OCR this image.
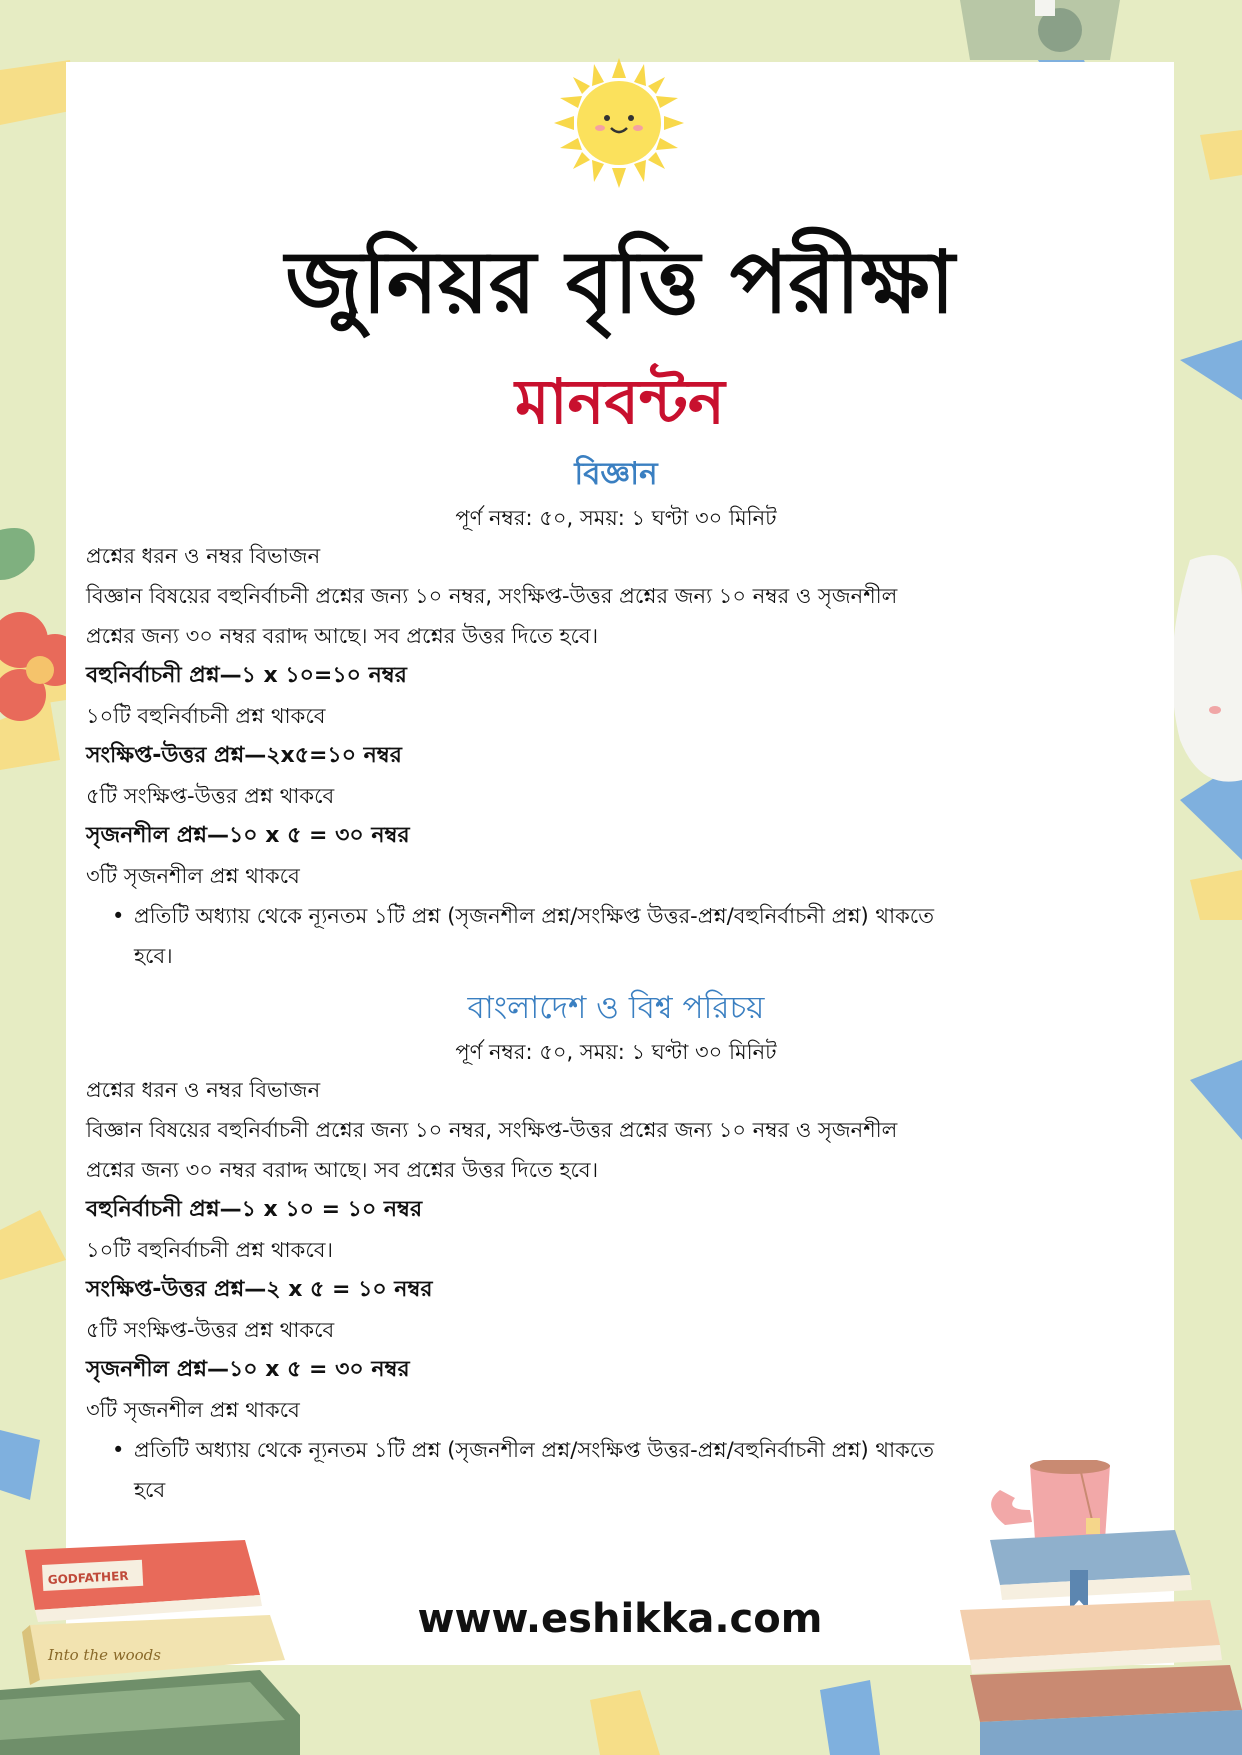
জুনিয়র বৃত্তি পরীক্ষা
মানবন্টন
বিজ্ঞান
পূর্ণ নম্বর: ৫০, সময়: ১ ঘণ্টা ৩০ মিনিট
প্রশ্নের ধরন ও নম্বর বিভাজন
বিজ্ঞান বিষয়ের বহুনির্বাচনী প্রশ্নের জন্য ১০ নম্বর, সংক্ষিপ্ত-উত্তর প্রশ্নের জন্য ১০ নম্বর ও সৃজনশীল
প্রশ্নের জন্য ৩০ নম্বর বরাদ্দ আছে। সব প্রশ্নের উত্তর দিতে হবে।
বহুনির্বাচনী প্রশ্ন—১ x ১০=১০ নম্বর
১০টি বহুনির্বাচনী প্রশ্ন থাকবে
সংক্ষিপ্ত-উত্তর প্রশ্ন—২x৫=১০ নম্বর
৫টি সংক্ষিপ্ত-উত্তর প্রশ্ন থাকবে
সৃজনশীল প্রশ্ন—১০ x ৫ = ৩০ নম্বর
৩টি সৃজনশীল প্রশ্ন থাকবে
• প্রতিটি অধ্যায় থেকে ন্যূনতম ১টি প্রশ্ন (সৃজনশীল প্রশ্ন/সংক্ষিপ্ত উত্তর-প্রশ্ন/বহুনির্বাচনী প্রশ্ন) থাকতে
হবে।
বাংলাদেশ ও বিশ্ব পরিচয়
পূর্ণ নম্বর: ৫০, সময়: ১ ঘণ্টা ৩০ মিনিট
প্রশ্নের ধরন ও নম্বর বিভাজন
বিজ্ঞান বিষয়ের বহুনির্বাচনী প্রশ্নের জন্য ১০ নম্বর, সংক্ষিপ্ত-উত্তর প্রশ্নের জন্য ১০ নম্বর ও সৃজনশীল
প্রশ্নের জন্য ৩০ নম্বর বরাদ্দ আছে। সব প্রশ্নের উত্তর দিতে হবে।
বহুনির্বাচনী প্রশ্ন—১ x ১০ = ১০ নম্বর
১০টি বহুনির্বাচনী প্রশ্ন থাকবে।
সংক্ষিপ্ত-উত্তর প্রশ্ন—২ x ৫ = ১০ নম্বর
৫টি সংক্ষিপ্ত-উত্তর প্রশ্ন থাকবে
সৃজনশীল প্রশ্ন—১০ x ৫ = ৩০ নম্বর
৩টি সৃজনশীল প্রশ্ন থাকবে
• প্রতিটি অধ্যায় থেকে ন্যূনতম ১টি প্রশ্ন (সৃজনশীল প্রশ্ন/সংক্ষিপ্ত উত্তর-প্রশ্ন/বহুনির্বাচনী প্রশ্ন) থাকতে
হবে
Into the woods
GODFATHER
www.eshikka.com
